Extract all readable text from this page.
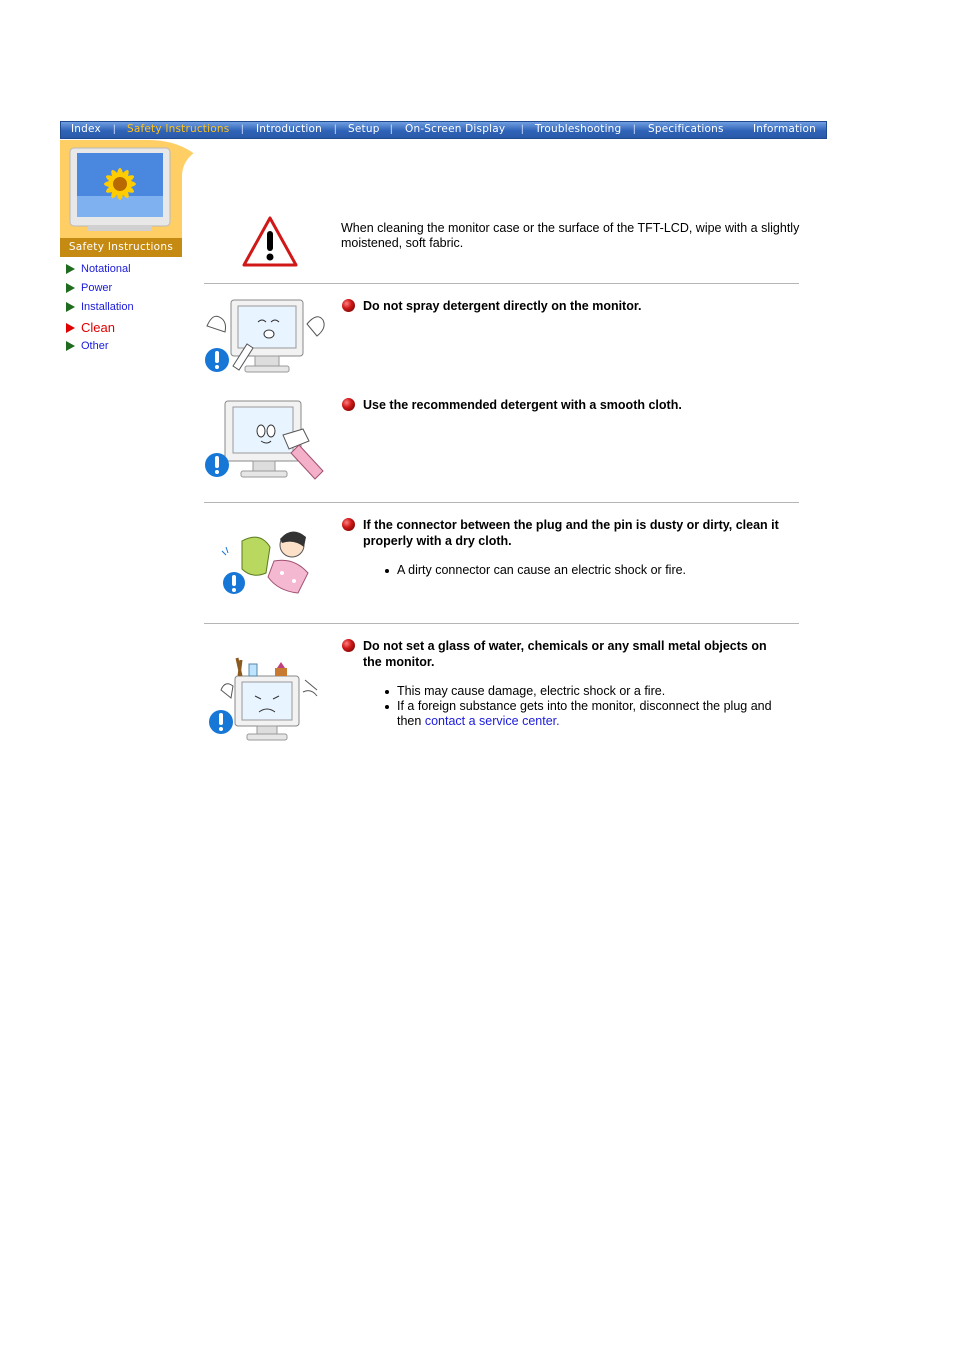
Index | Safety Instructions | Introduction | Setup | On-Screen Display | Troubleshooting | Specifications	Information
Safety Instructions
Notational
Power
Installation
Clean
Other
When cleaning the monitor case or the surface of the TFT-LCD, wipe with a slightly moistened, soft fabric.
Do not spray detergent directly on the monitor.
Use the recommended detergent with a smooth cloth.
If the connector between the plug and the pin is dusty or dirty, clean it properly with a dry cloth.
A dirty connector can cause an electric shock or fire.
Do not set a glass of water, chemicals or any small metal objects on the monitor.
This may cause damage, electric shock or a fire.
If a foreign substance gets into the monitor, disconnect the plug and then contact a service center.
